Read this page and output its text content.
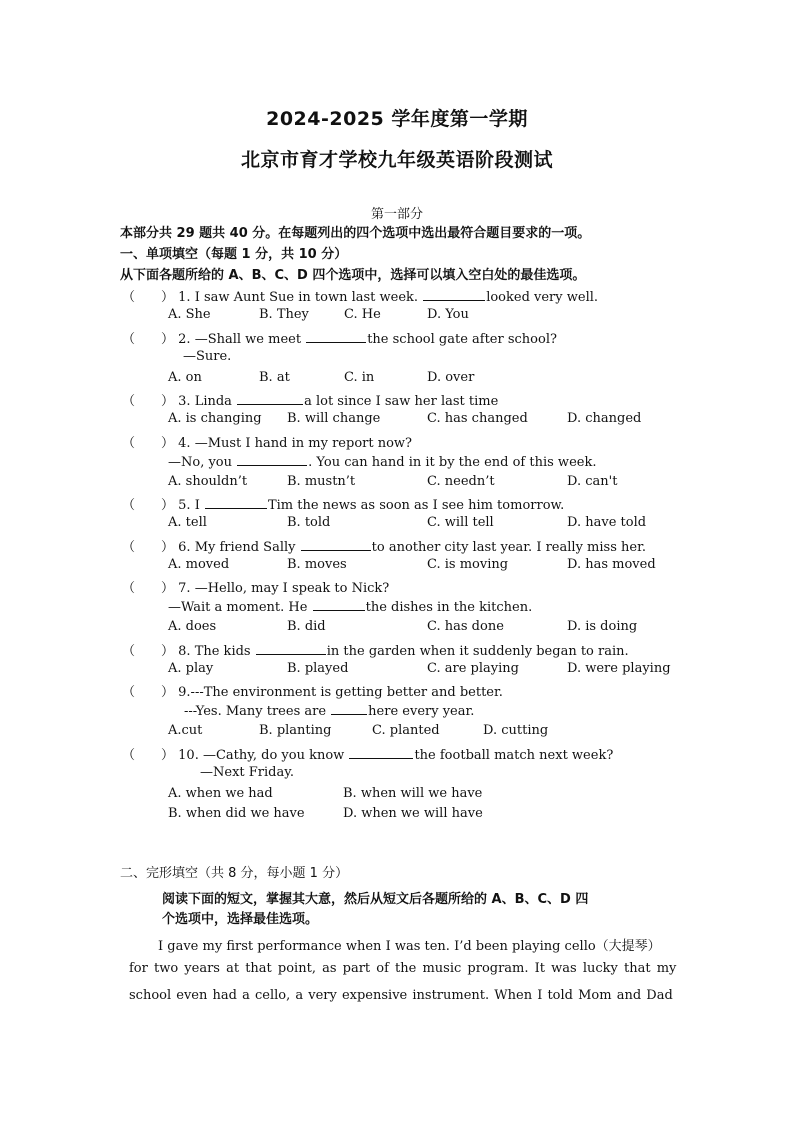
2024-2025 学年度第一学期
北京市育才学校九年级英语阶段测试
第一部分
本部分共 29 题共 40 分。在每题列出的四个选项中选出最符合题目要求的一项。
一、单项填空（每题 1 分，共 10 分）
从下面各题所给的 A、B、C、D 四个选项中，选择可以填入空白处的最佳选项。
（　　） 1. I saw Aunt Sue in town last week.	looked very well.
A. She	B. They	C. He	D. You
（　　） 2. —Shall we meet	the school gate after school?
—Sure.
A. on	B. at	C. in	D. over
（　　） 3. Linda	a lot since I saw her last time
A. is changing B. will change	C. has changed	D. changed
（　　） 4. —Must I hand in my report now?
—No, you	. You can hand in it by the end of this week.
A. shouldn’t	B. mustn’t	C. needn’t	D. can't
（　　） 5. I	Tim the news as soon as I see him tomorrow.
A. tell	B. told	C. will tell	D. have told
（　　） 6. My friend Sally	to another city last year. I really miss her.
A. moved	B. moves	C. is moving	D. has moved
（　　） 7. —Hello, may I speak to Nick?
—Wait a moment. He	the dishes in the kitchen.
A. does	B. did	C. has done	D. is doing
（　　） 8. The kids	in the garden when it suddenly began to rain.
A. play	B. played	C. are playing	D. were playing
（　　） 9.---The environment is getting better and better.
---Yes. Many trees are	here every year.
A.cut	B. planting	C. planted	D. cutting
（　　） 10. —Cathy, do you know	the football match next week?
—Next Friday.
A. when we had	B. when will we have
B. when did we have	D. when we will have
二、完形填空（共 8 分，每小题 1 分）
阅读下面的短文，掌握其大意，然后从短文后各题所给的 A、B、C、D 四
个选项中，选择最佳选项。
I gave my first performance when I was ten. I’d been playing cello（大提琴）
for two years at that point, as part of the music program. It was lucky that my
school even had a cello, a very expensive instrument. When I told Mom and Dad
